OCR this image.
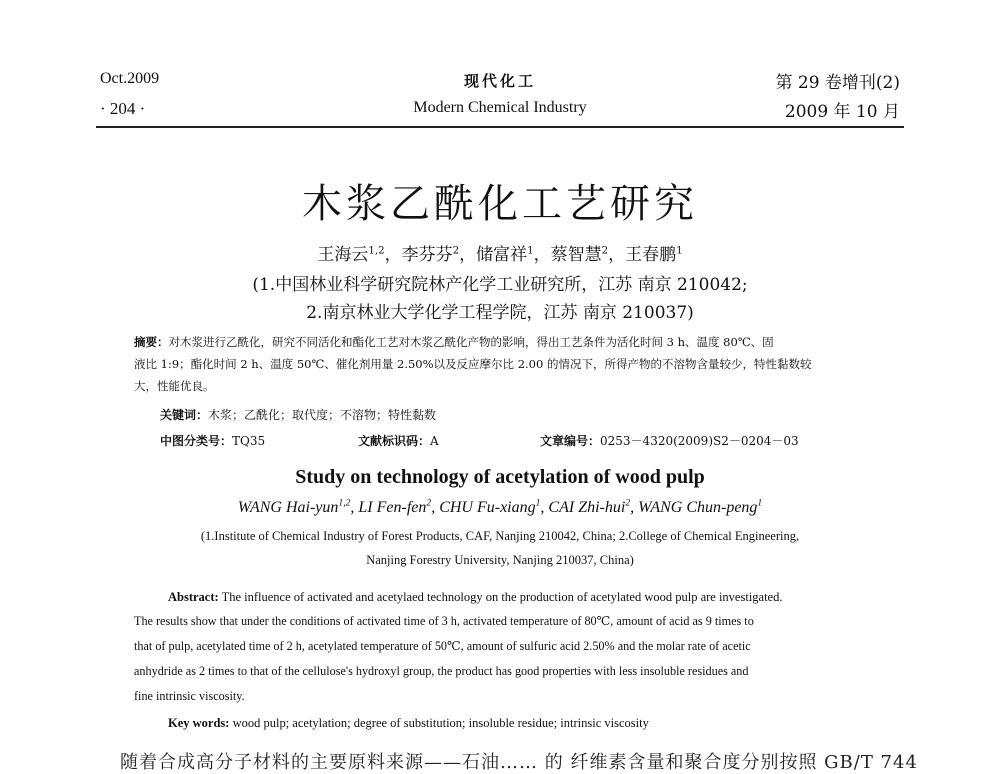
Oct.2009
· 204 ·
现代化工
Modern Chemical Industry
第 29 卷增刊(2)
2009 年 10 月
木浆乙酰化工艺研究
王海云$^{1,2}$，李芬芬$^2$，储富祥$^1$，蔡智慧$^2$，王春鹏$^1$
(1.中国林业科学研究院林产化学工业研究所，江苏 南京 210042;
2.南京林业大学化学工程学院，江苏 南京 210037)
摘要：对木浆进行乙酰化，研究不同活化和酯化工艺对木浆乙酰化产物的影响，得出工艺条件为活化时间 3 h、温度 80℃、固
液比 1:9；酯化时间 2 h、温度 50℃、催化剂用量 2.50%以及反应摩尔比 2.00 的情况下，所得产物的不溶物含量较少，特性黏数较
大，性能优良。
关键词：木浆；乙酰化；取代度；不溶物；特性黏数
中图分类号：TQ35	文献标识码：A	文章编号：0253－4320(2009)S2－0204－03
Study on technology of acetylation of wood pulp
WANG Hai-yun$^{1,2}$, LI Fen-fen$^2$, CHU Fu-xiang$^1$, CAI Zhi-hui$^2$, WANG Chun-peng$^1$
(1.Institute of Chemical Industry of Forest Products, CAF, Nanjing 210042, China; 2.College of Chemical Engineering,
Nanjing Forestry University, Nanjing 210037, China)
Abstract: The influence of activated and acetylaed technology on the production of acetylated wood pulp are investigated.
The results show that under the conditions of activated time of 3 h, activated temperature of 80℃, amount of acid as 9 times to
that of pulp, acetylated time of 2 h, acetylated temperature of 50℃, amount of sulfuric acid 2.50% and the molar rate of acetic
anhydride as 2 times to that of the cellulose's hydroxyl group, the product has good properties with less insoluble residues and
fine intrinsic viscosity.
Key words: wood pulp; acetylation; degree of substitution; insoluble residue; intrinsic viscosity
随着合成高分子材料的主要原料来源——石油…… 的 纤维素含量和聚合度分别按照 GB/T 744
